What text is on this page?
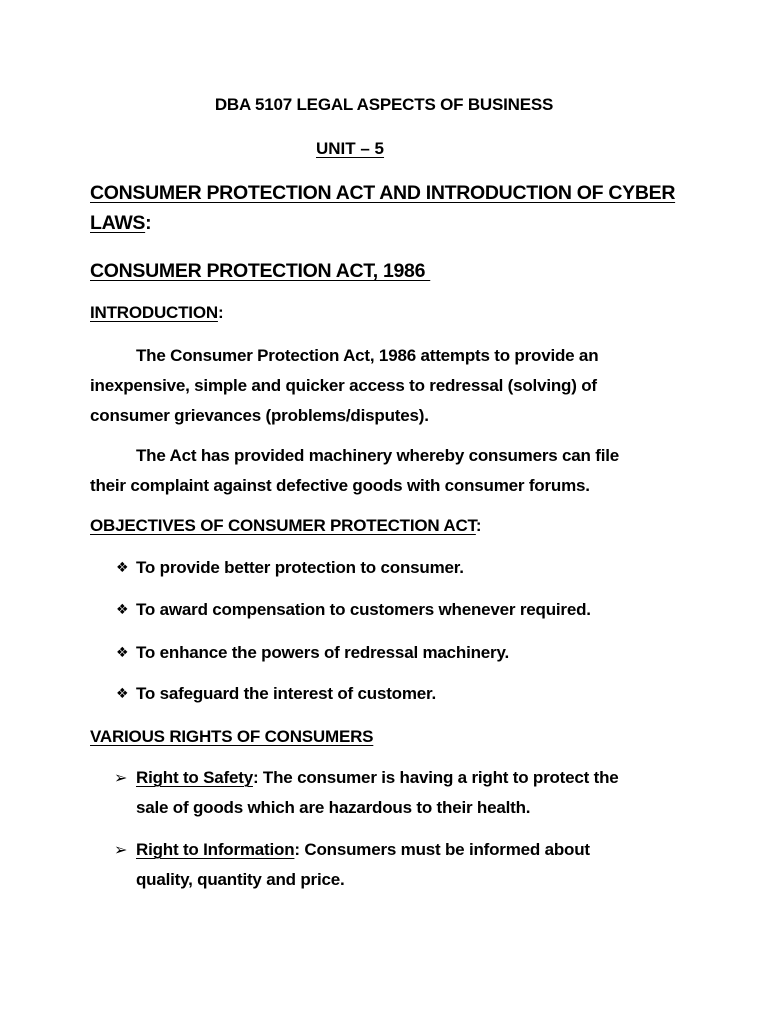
DBA 5107 LEGAL ASPECTS OF BUSINESS
UNIT – 5
CONSUMER PROTECTION ACT AND INTRODUCTION OF CYBER
LAWS:
CONSUMER PROTECTION ACT, 1986
INTRODUCTION:
The Consumer Protection Act, 1986 attempts to provide an
inexpensive, simple and quicker access to redressal (solving) of
consumer grievances (problems/disputes).
The Act has provided machinery whereby consumers can file
their complaint against defective goods with consumer forums.
OBJECTIVES OF CONSUMER PROTECTION ACT:
❖ To provide better protection to consumer.
❖ To award compensation to customers whenever required.
❖ To enhance the powers of redressal machinery.
❖ To safeguard the interest of customer.
VARIOUS RIGHTS OF CONSUMERS
➢ Right to Safety: The consumer is having a right to protect the
sale of goods which are hazardous to their health.
➢ Right to Information: Consumers must be informed about
quality, quantity and price.
